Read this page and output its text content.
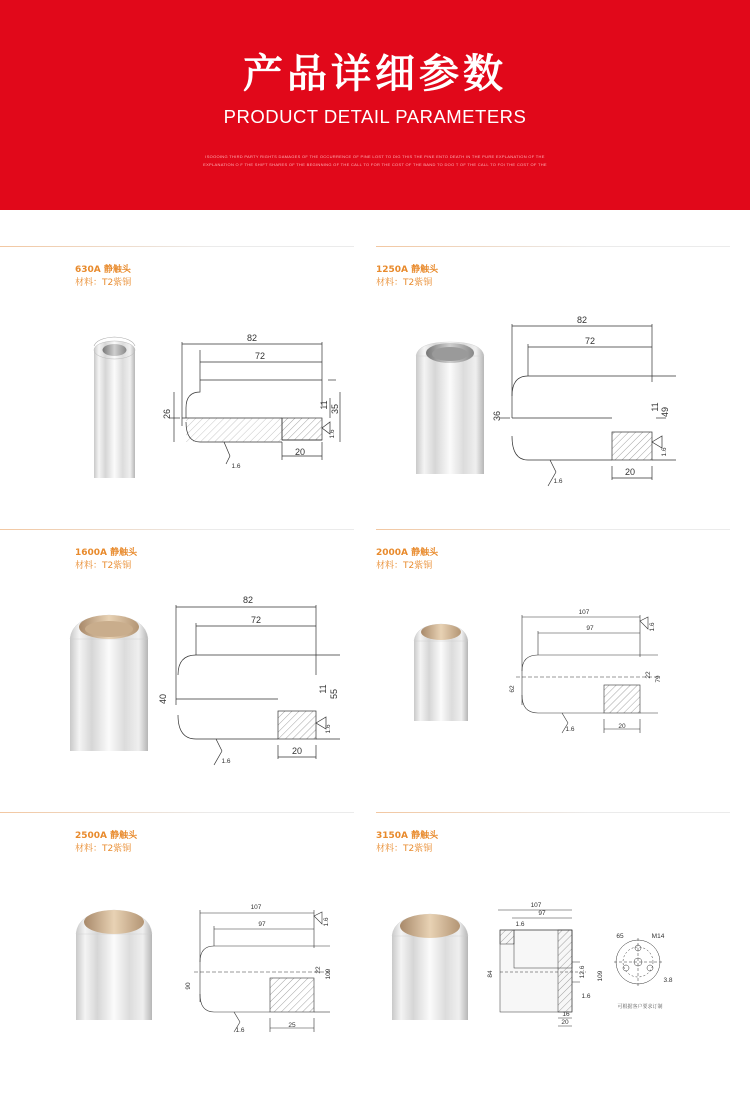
产品详细参数
PRODUCT DETAIL PARAMETERS
ISOOOING THIRD PARTY RIGHTS DAMAGES OF THE OCCURRENCE OF PINE LOST TO DIG THIS THE PINE ENTO DEATH IN THE PURE EXPLANATION OF THE EXPLANATION O F THE SHIFT SHARES OF THE BEGINNING OF THE CALL TO FOR THE COST OF THE BAND TO DOO T OF THE CALL TO FOI THE COST OF THE
630A 静触头
材料：T2紫铜
82
72
26
11 35
20
1.6
1.6
1250A 静触头
材料：T2紫铜
82
72
36
11 49
20
1.6
1.6
1600A 静触头
材料：T2紫铜
82
72
40
11 55
20
1.6
1.6
2000A 静触头
材料：T2紫铜
107
97
62
22
79
20
1.6
1.6
2500A 静触头
材料：T2紫铜
107
97
90
22 109
25
1.6
1.6
3150A 静触头
材料：T2紫铜
107
97
84	12.6 109
20
16
1.6
1.6
65	M14
3.8
可根据客户要求订制
